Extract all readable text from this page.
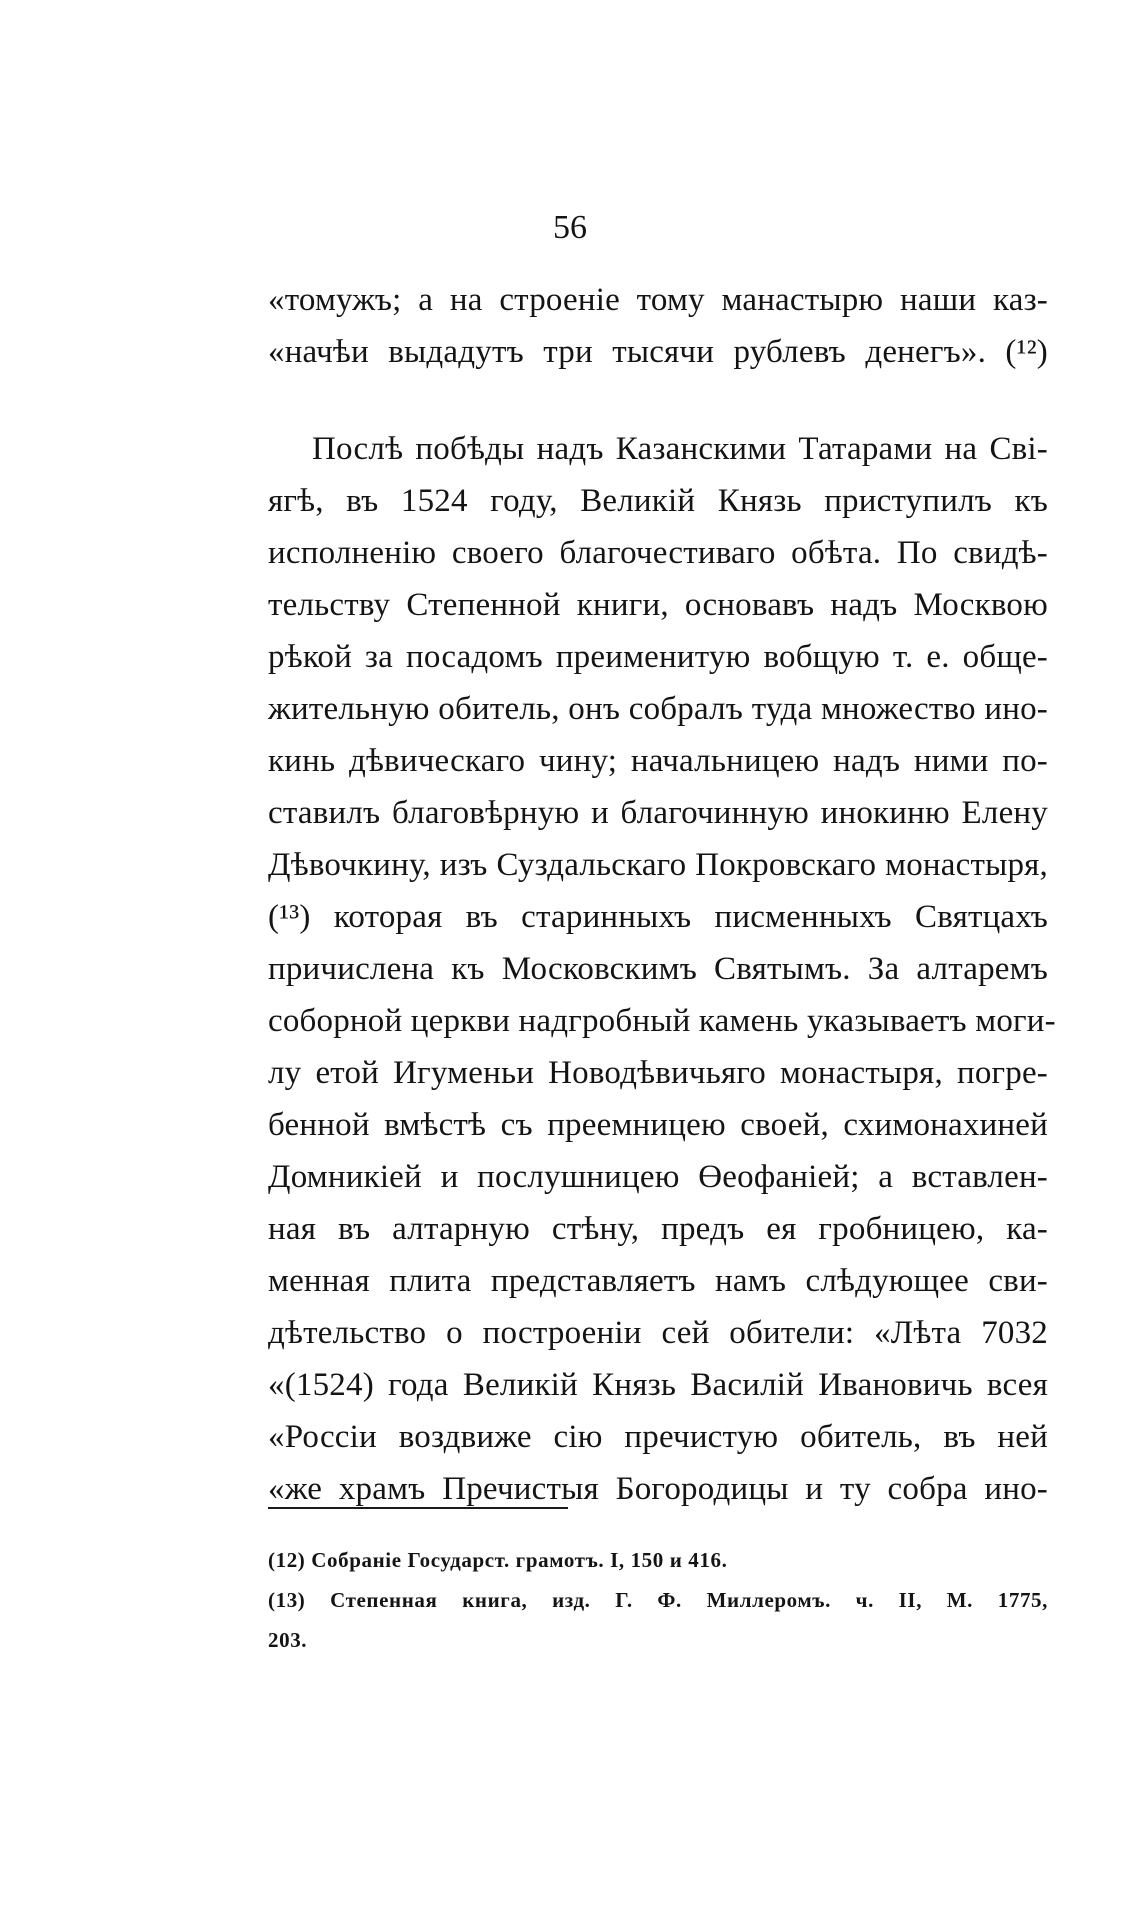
56
«томужъ; а на строеніе тому манастырю наши каз-
«начѣи выдадутъ три тысячи рублевъ денегъ». (¹²)
Послѣ побѣды надъ Казанскими Татарами на Сві-
ягѣ, въ 1524 году, Великій Князь приступилъ къ
исполненію своего благочестиваго обѣта. По свидѣ-
тельству Степенной книги, основавъ надъ Москвою
рѣкой за посадомъ преименитую вобщую т. е. обще-
жительную обитель, онъ собралъ туда множество ино-
кинь дѣвическаго чину; начальницею надъ ними по-
ставилъ благовѣрную и благочинную инокиню Елену
Дѣвочкину, изъ Суздальскаго Покровскаго монастыря,
(¹³) которая въ старинныхъ писменныхъ Святцахъ
причислена къ Московскимъ Святымъ. За алтаремъ
соборной церкви надгробный камень указываетъ моги-
лу етой Игуменьи Новодѣвичьяго монастыря, погре-
бенной вмѣстѣ съ преемницею своей, схимонахиней
Домникіей и послушницею Өеофаніей; а вставлен-
ная въ алтарную стѣну, предъ ея гробницею, ка-
менная плита представляетъ намъ слѣдующее сви-
дѣтельство о построеніи сей обители: «Лѣта 7032
«(1524) года Великій Князь Василій Ивановичь всея
«Россіи воздвиже сію пречистую обитель, въ ней
«же храмъ Пречистыя Богородицы и ту собра ино-
(12) Собраніе Государст. грамотъ. I, 150 и 416.
(13) Степенная книга, изд. Г. Ф. Миллеромъ. ч. II, М. 1775,
203.
